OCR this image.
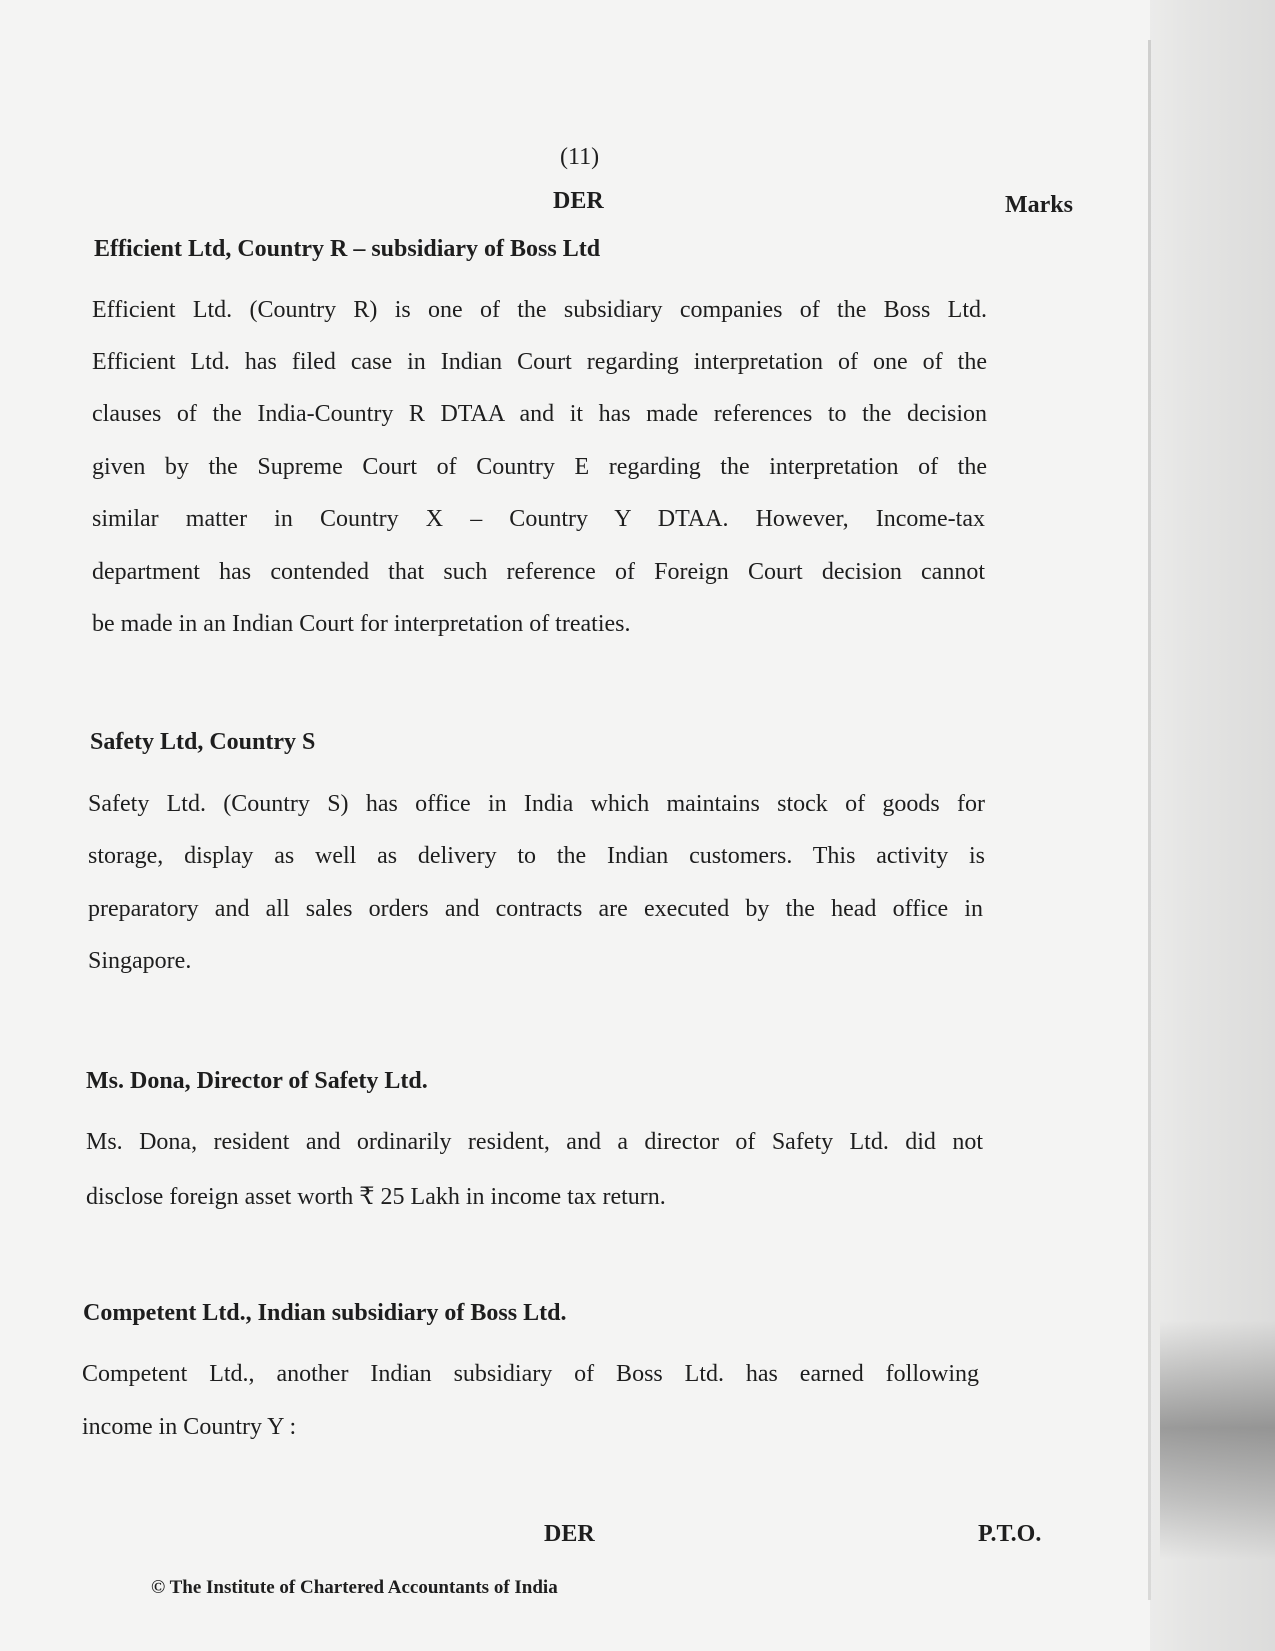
(11)
DER	Marks
Efficient Ltd, Country R – subsidiary of Boss Ltd
Efficient Ltd. (Country R) is one of the subsidiary companies of the Boss Ltd.
Efficient Ltd. has filed case in Indian Court regarding interpretation of one of the
clauses of the India-Country R DTAA and it has made references to the decision
given by the Supreme Court of Country E regarding the interpretation of the
similar matter in Country X – Country Y DTAA. However, Income-tax
department has contended that such reference of Foreign Court decision cannot
be made in an Indian Court for interpretation of treaties.
Safety Ltd, Country S
Safety Ltd. (Country S) has office in India which maintains stock of goods for
storage, display as well as delivery to the Indian customers. This activity is
preparatory and all sales orders and contracts are executed by the head office in
Singapore.
Ms. Dona, Director of Safety Ltd.
Ms. Dona, resident and ordinarily resident, and a director of Safety Ltd. did not
disclose foreign asset worth ₹ 25 Lakh in income tax return.
Competent Ltd., Indian subsidiary of Boss Ltd.
Competent Ltd., another Indian subsidiary of Boss Ltd. has earned following
income in Country Y :
DER	P.T.O.
© The Institute of Chartered Accountants of India
